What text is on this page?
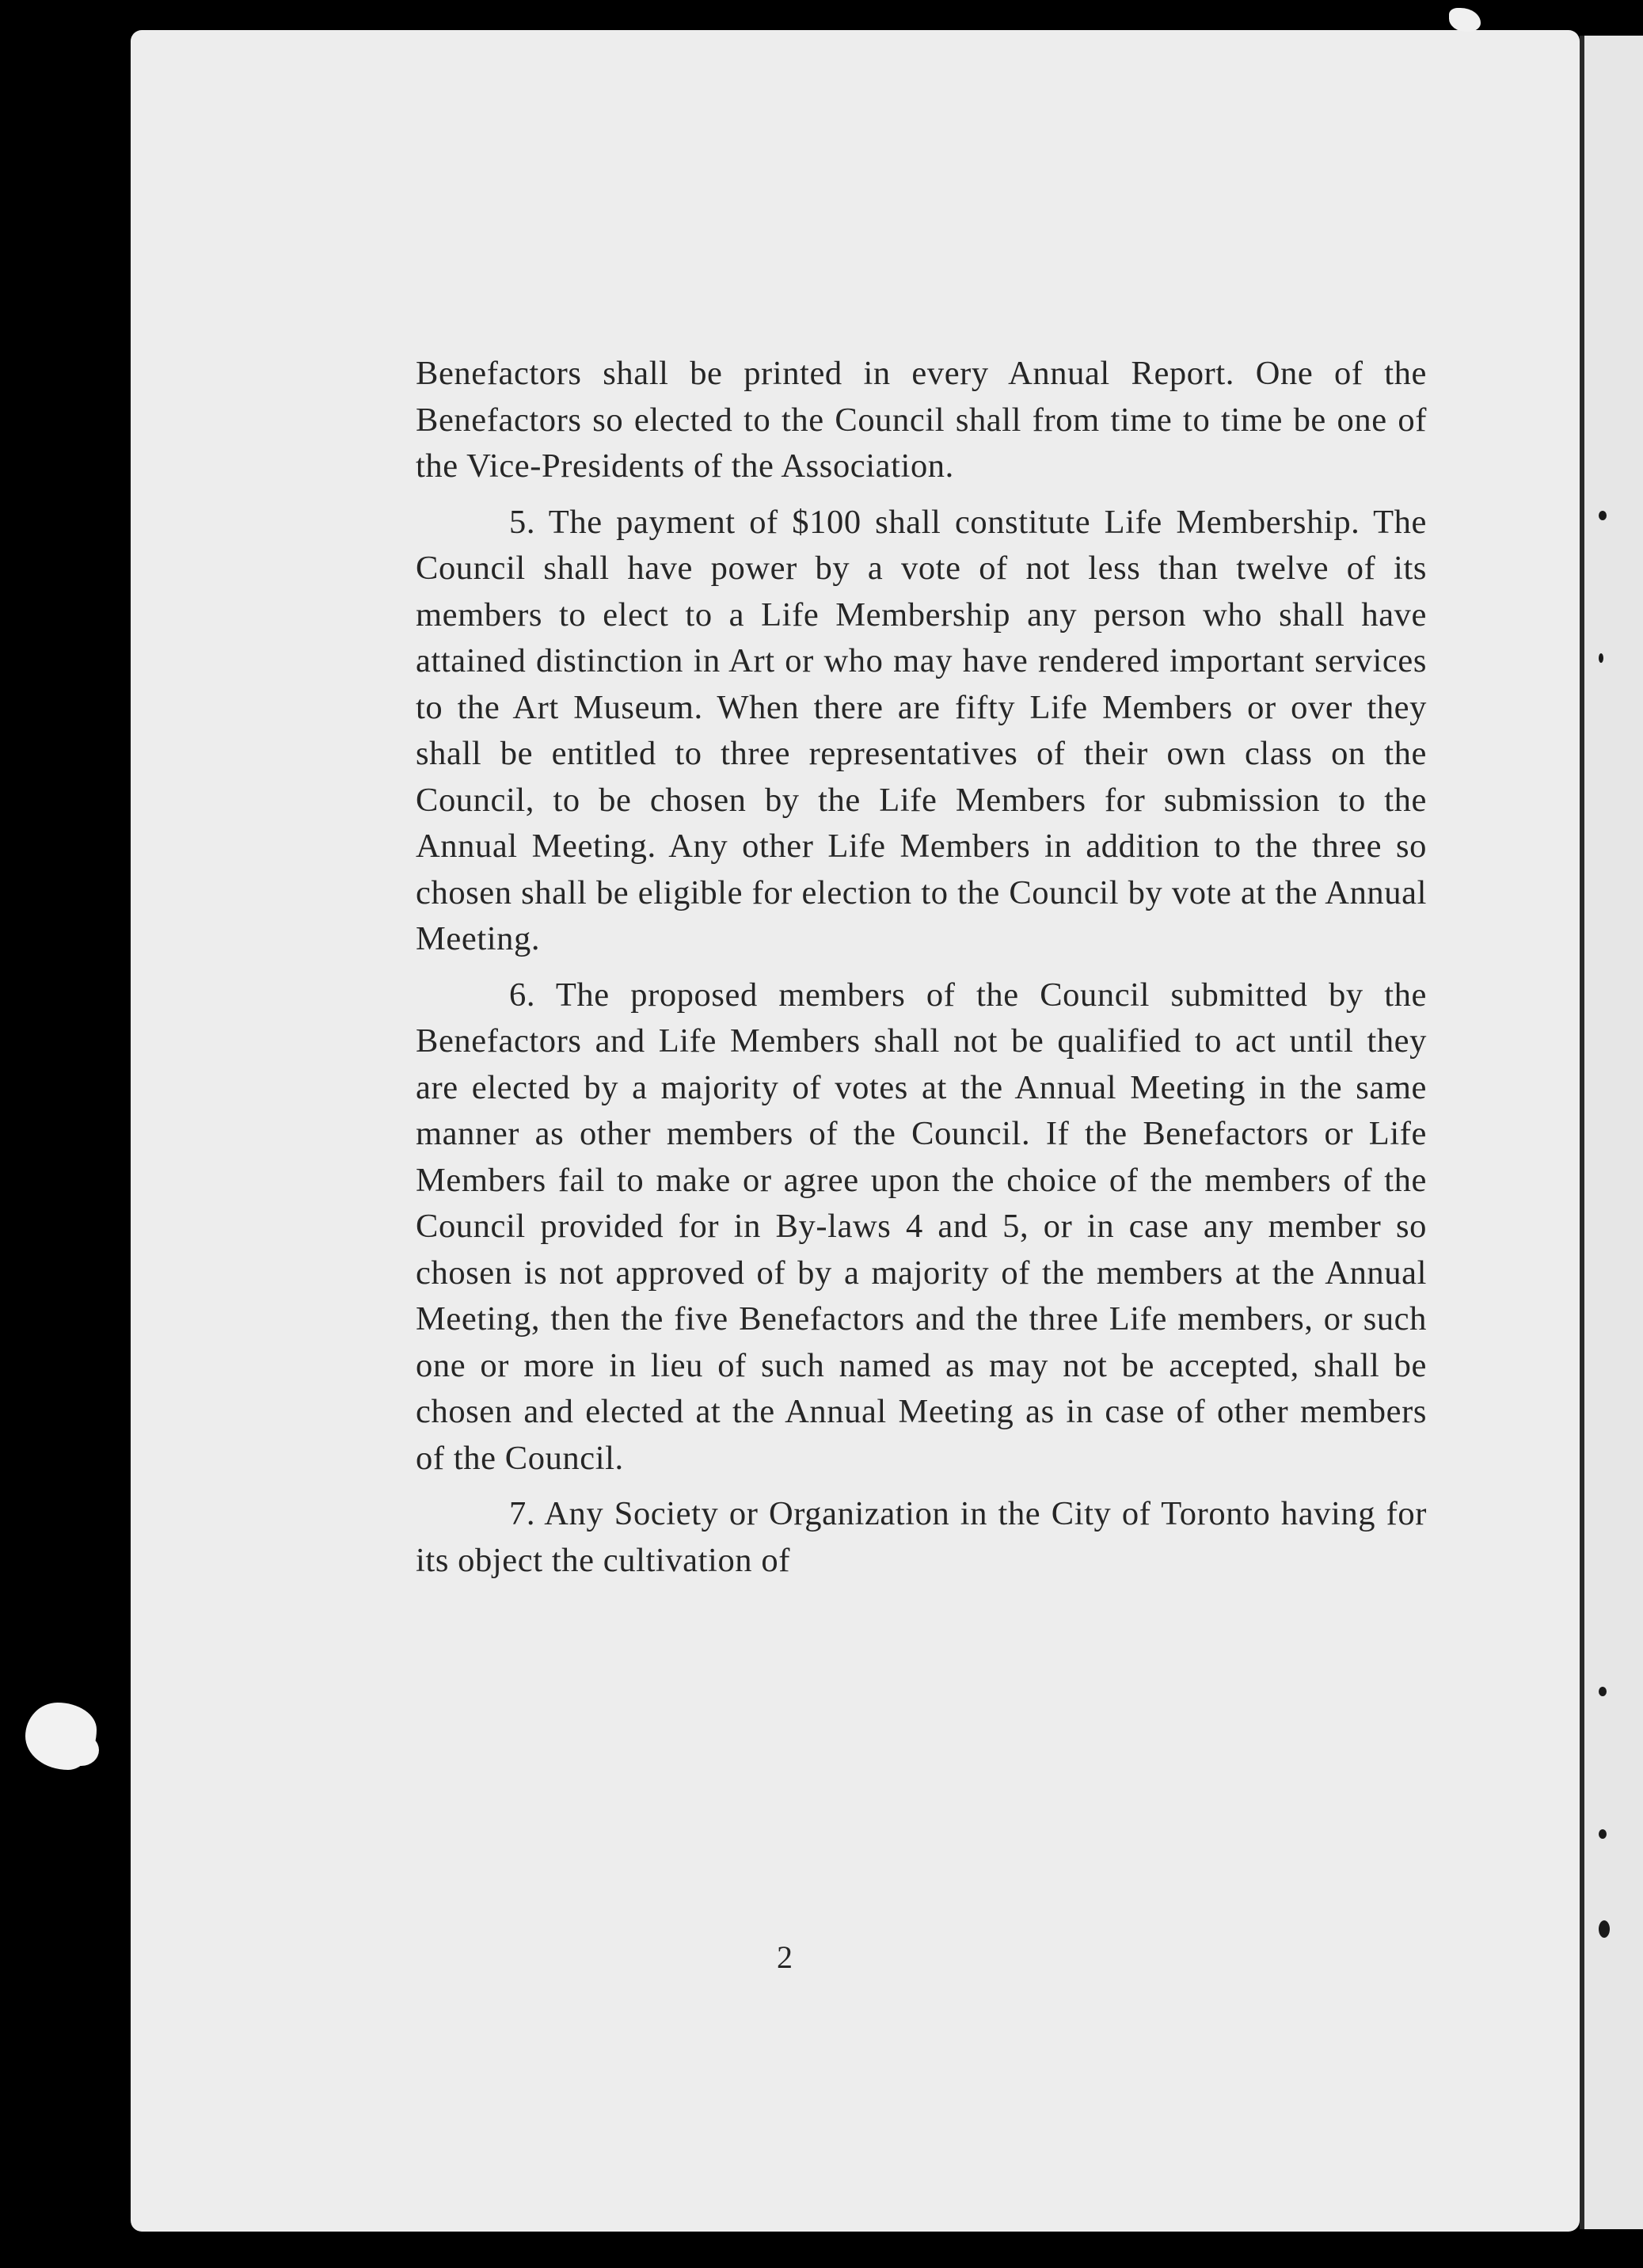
Benefactors shall be printed in every Annual Report. One of the Benefactors so elected to the Council shall from time to time be one of the Vice-Presidents of the Association.

5. The payment of $100 shall constitute Life Membership. The Council shall have power by a vote of not less than twelve of its members to elect to a Life Membership any person who shall have attained distinction in Art or who may have rendered important services to the Art Museum. When there are fifty Life Members or over they shall be entitled to three representatives of their own class on the Council, to be chosen by the Life Members for submission to the Annual Meeting. Any other Life Members in addition to the three so chosen shall be eligible for election to the Council by vote at the Annual Meeting.

6. The proposed members of the Council submitted by the Benefactors and Life Members shall not be qualified to act until they are elected by a majority of votes at the Annual Meeting in the same manner as other members of the Council. If the Benefactors or Life Members fail to make or agree upon the choice of the members of the Council provided for in By-laws 4 and 5, or in case any member so chosen is not approved of by a majority of the members at the Annual Meeting, then the five Benefactors and the three Life members, or such one or more in lieu of such named as may not be accepted, shall be chosen and elected at the Annual Meeting as in case of other members of the Council.

7. Any Society or Organization in the City of Toronto having for its object the cultivation of

2
